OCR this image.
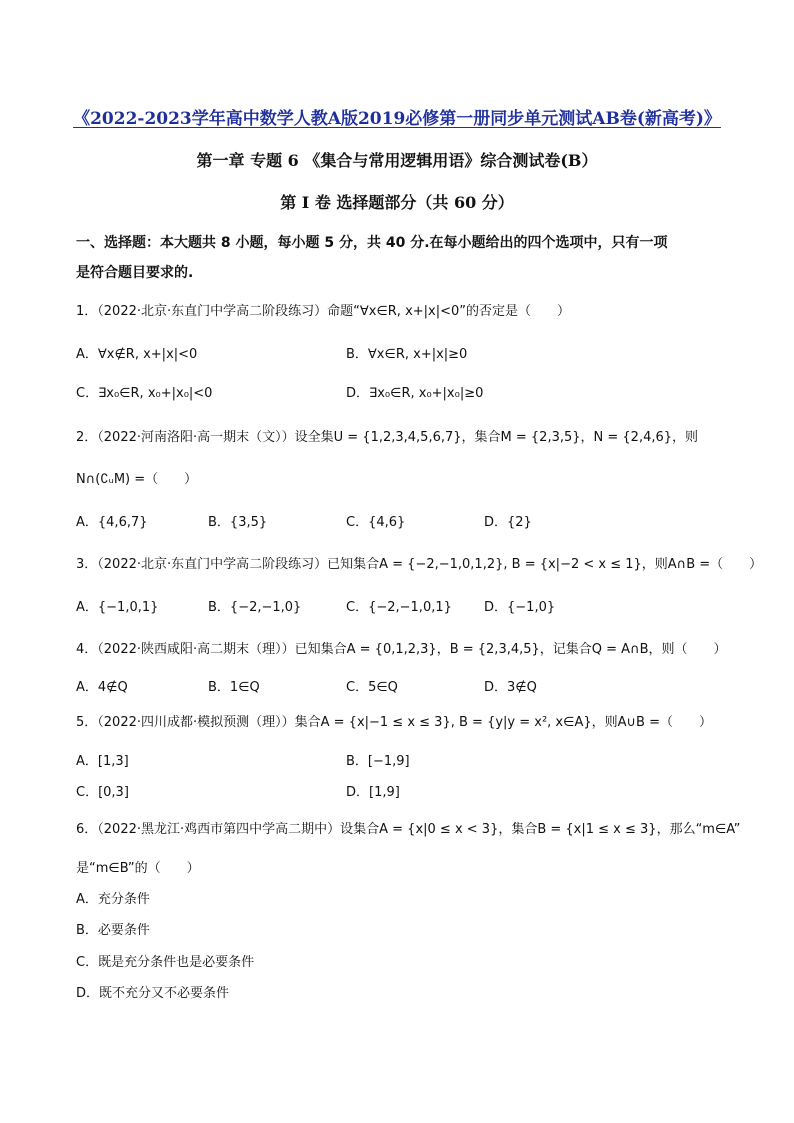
《2022-2023学年高中数学人教A版2019必修第一册同步单元测试AB卷(新高考)》
第一章 专题 6 《集合与常用逻辑用语》综合测试卷(B）
第 I 卷 选择题部分（共 60 分）
一、选择题：本大题共 8 小题，每小题 5 分，共 40 分.在每小题给出的四个选项中，只有一项
是符合题目要求的.
1．（2022·北京·东直门中学高二阶段练习）命题“∀x∈R, x+|x|<0”的否定是（　　）
A．∀x∉R, x+|x|<0	B．∀x∈R, x+|x|≥0
C．∃x₀∈R, x₀+|x₀|<0	D．∃x₀∈R, x₀+|x₀|≥0
2．（2022·河南洛阳·高一期末（文））设全集U = {1,2,3,4,5,6,7}，集合M = {2,3,5}，N = {2,4,6}，则
N∩(∁ᵤM) =（　　）
A．{4,6,7}	B．{3,5}	C．{4,6}	D．{2}
3．（2022·北京·东直门中学高二阶段练习）已知集合A = {−2,−1,0,1,2}, B = {x|−2 < x ≤ 1}，则A∩B =（　　）
A．{−1,0,1}	B．{−2,−1,0}	C．{−2,−1,0,1} D．{−1,0}
4．（2022·陕西咸阳·高二期末（理））已知集合A = {0,1,2,3}，B = {2,3,4,5}，记集合Q = A∩B，则（　　）
A．4∉Q	B．1∈Q	C．5∈Q	D．3∉Q
5．（2022·四川成都·模拟预测（理））集合A = {x|−1 ≤ x ≤ 3}, B = {y|y = x², x∈A}，则A∪B =（　　）
A．[1,3]	B．[−1,9]
C．[0,3]	D．[1,9]
6．（2022·黑龙江·鸡西市第四中学高二期中）设集合A = {x|0 ≤ x < 3}，集合B = {x|1 ≤ x ≤ 3}，那么“m∈A”
是“m∈B”的（　　）
A．充分条件
B．必要条件
C．既是充分条件也是必要条件
D．既不充分又不必要条件
